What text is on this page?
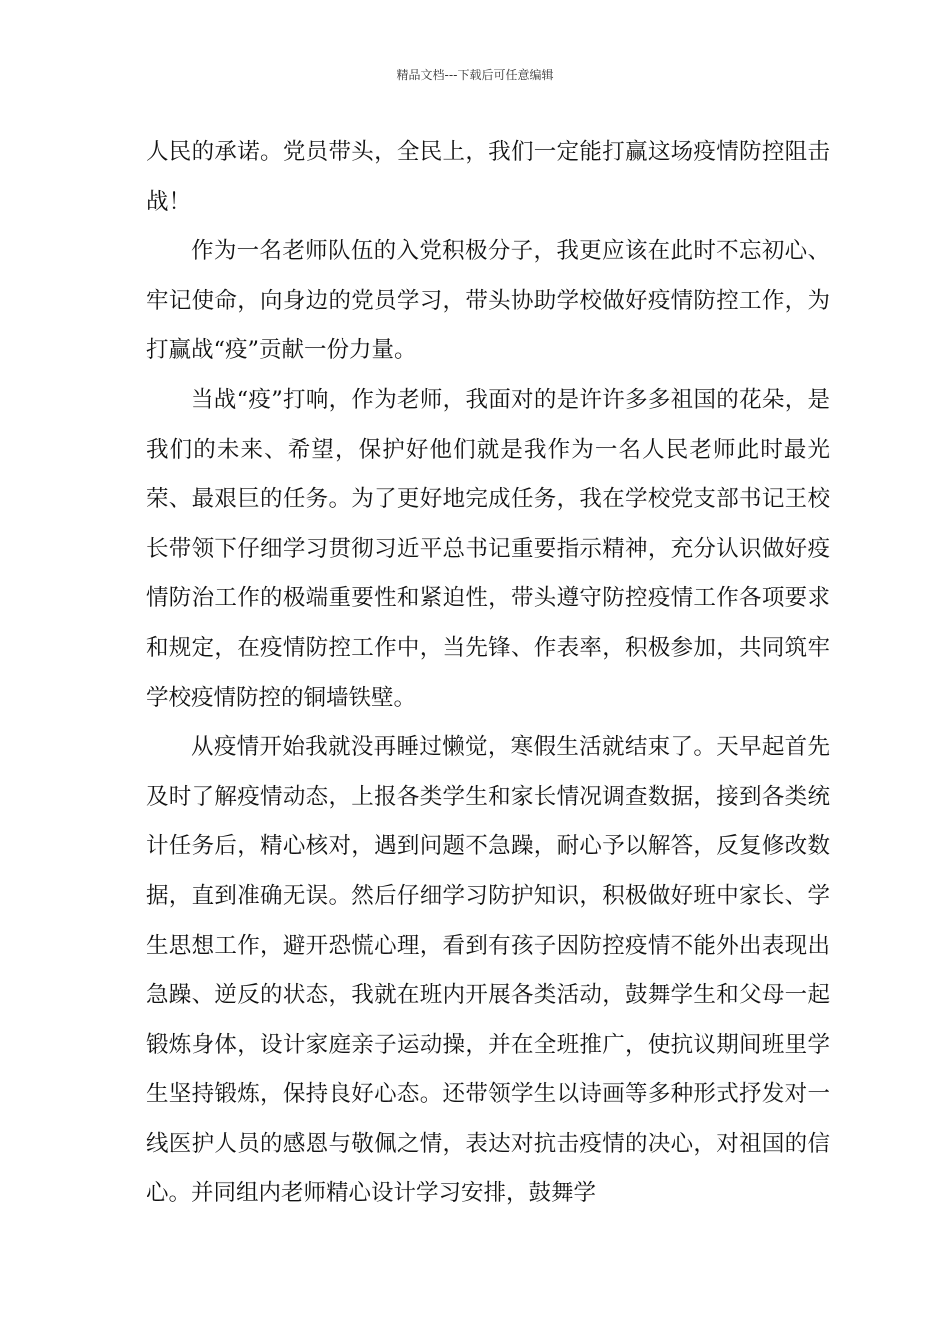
精品文档---下载后可任意编辑

人民的承诺。党员带头，全民上，我们一定能打赢这场疫情防控阻击战！

作为一名老师队伍的入党积极分子，我更应该在此时不忘初心、牢记使命，向身边的党员学习，带头协助学校做好疫情防控工作，为打赢战“疫”贡献一份力量。

当战“疫”打响，作为老师，我面对的是许许多多祖国的花朵，是我们的未来、希望，保护好他们就是我作为一名人民老师此时最光荣、最艰巨的任务。为了更好地完成任务，我在学校党支部书记王校长带领下仔细学习贯彻习近平总书记重要指示精神，充分认识做好疫情防治工作的极端重要性和紧迫性，带头遵守防控疫情工作各项要求和规定，在疫情防控工作中，当先锋、作表率，积极参加，共同筑牢学校疫情防控的铜墙铁壁。

从疫情开始我就没再睡过懒觉，寒假生活就结束了。天早起首先及时了解疫情动态，上报各类学生和家长情况调查数据，接到各类统计任务后，精心核对，遇到问题不急躁，耐心予以解答，反复修改数据，直到准确无误。然后仔细学习防护知识，积极做好班中家长、学生思想工作，避开恐慌心理，看到有孩子因防控疫情不能外出表现出急躁、逆反的状态，我就在班内开展各类活动，鼓舞学生和父母一起锻炼身体，设计家庭亲子运动操，并在全班推广，使抗议期间班里学生坚持锻炼，保持良好心态。还带领学生以诗画等多种形式抒发对一线医护人员的感恩与敬佩之情，表达对抗击疫情的决心，对祖国的信心。并同组内老师精心设计学习安排，鼓舞学
